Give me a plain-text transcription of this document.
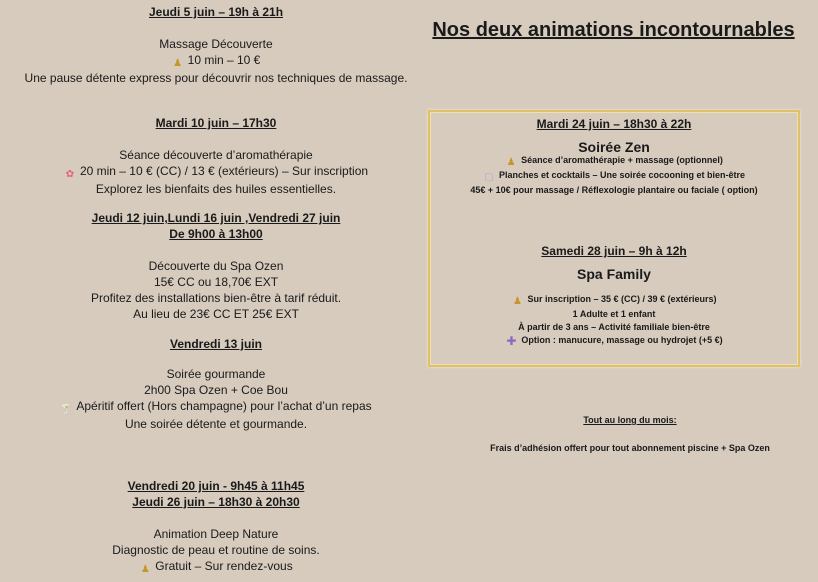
Jeudi 5 juin – 19h à 21h

Massage Découverte

♟ 10 min – 10 €

Une pause détente express pour découvrir nos techniques de massage.

Mardi 10 juin – 17h30

Séance découverte d’aromathérapie

✿ 20 min – 10 € (CC) / 13 € (extérieurs) – Sur inscription

Explorez les bienfaits des huiles essentielles.

Jeudi 12 juin,Lundi 16 juin ,Vendredi 27 juin

De 9h00 à 13h00

Découverte du Spa Ozen

15€ CC ou 18,70€ EXT

Profitez des installations bien-être à tarif réduit.

Au lieu de 23€ CC ET 25€ EXT

Vendredi 13 juin

Soirée gourmande

2h00 Spa Ozen + Coe Bou

🍸 Apéritif offert (Hors champagne) pour l’achat d’un repas

Une soirée détente et gourmande.

Vendredi 20 juin - 9h45 à 11h45

Jeudi 26 juin – 18h30 à 20h30

Animation Deep Nature

Diagnostic de peau et routine de soins.

♟ Gratuit – Sur rendez-vous

Nos deux animations incontournables

Mardi 24 juin – 18h30 à 22h

Soirée Zen

♟ Séance d’aromathérapie + massage (optionnel)

▢ Planches et cocktails – Une soirée cocooning et bien-être

45€ + 10€ pour massage / Réflexologie plantaire ou faciale ( option)

Samedi 28 juin – 9h à 12h

Spa Family

♟ Sur inscription – 35 € (CC) / 39 € (extérieurs)

1 Adulte et 1 enfant

À partir de 3 ans – Activité familiale bien-être

✚ Option : manucure, massage ou hydrojet (+5 €)

Tout au long du mois:
Frais d’adhésion offert pour tout abonnement piscine + Spa Ozen
